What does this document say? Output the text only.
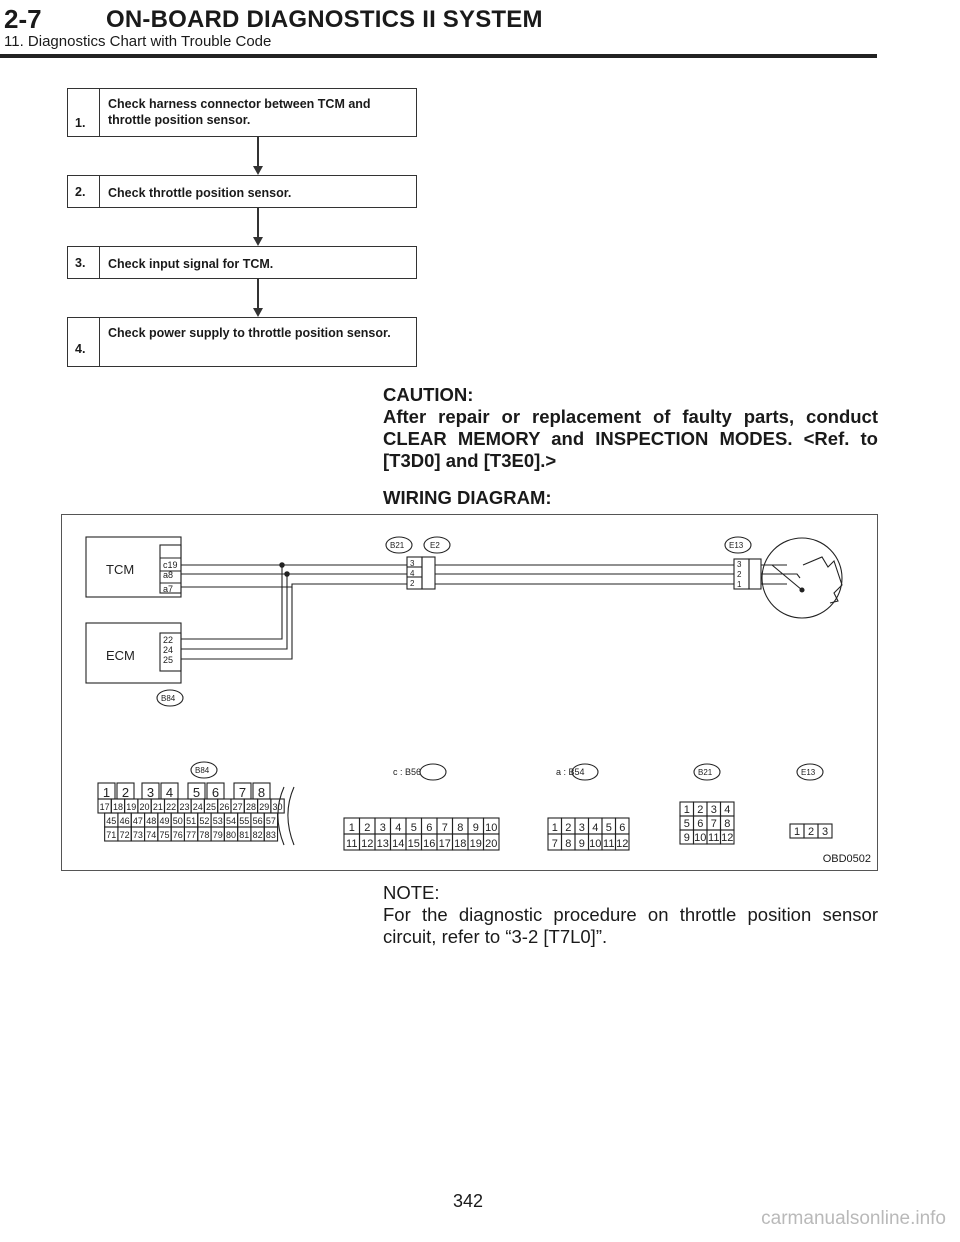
2-7	ON-BOARD DIAGNOSTICS II SYSTEM
11. Diagnostics Chart with Trouble Code
1.
Check harness connector between TCM and throttle position sensor.
2. Check throttle position sensor.
3. Check input signal for TCM.
4.
Check power supply to throttle position sensor.
CAUTION:
After repair or replacement of faulty parts, conduct CLEAR MEMORY and INSPECTION MODES. <Ref. to [T3D0] and [T3E0].>
WIRING DIAGRAM:
TCM	c19
a8
a7
ECM
22
24
25
B84
3
4
2
B21	E2
3
2
1
E13
B84	c : B56	a : B54	B21	E13
1 2 3 4 5 6 7 8
17 18 19 20 21 22 23 24 25 26 27 28 29 30
45 46 47 48 49 50 51 52 53 54 55 56 57
71 72 73 74 75 76 77 78 79 80 81 82 83
1 2 3 4 5 6 7 8 9 10
11 12 13 14 15 16 17 18 19 20
1 2 3 4 5 6
7 8 9 10 11 12
1 2 3 4
5 6 7 8
9 10 11 12	1 2 3
OBD0502
NOTE:
For the diagnostic procedure on throttle position sensor circuit, refer to “3-2 [T7L0]”.
342
carmanualsonline.info
